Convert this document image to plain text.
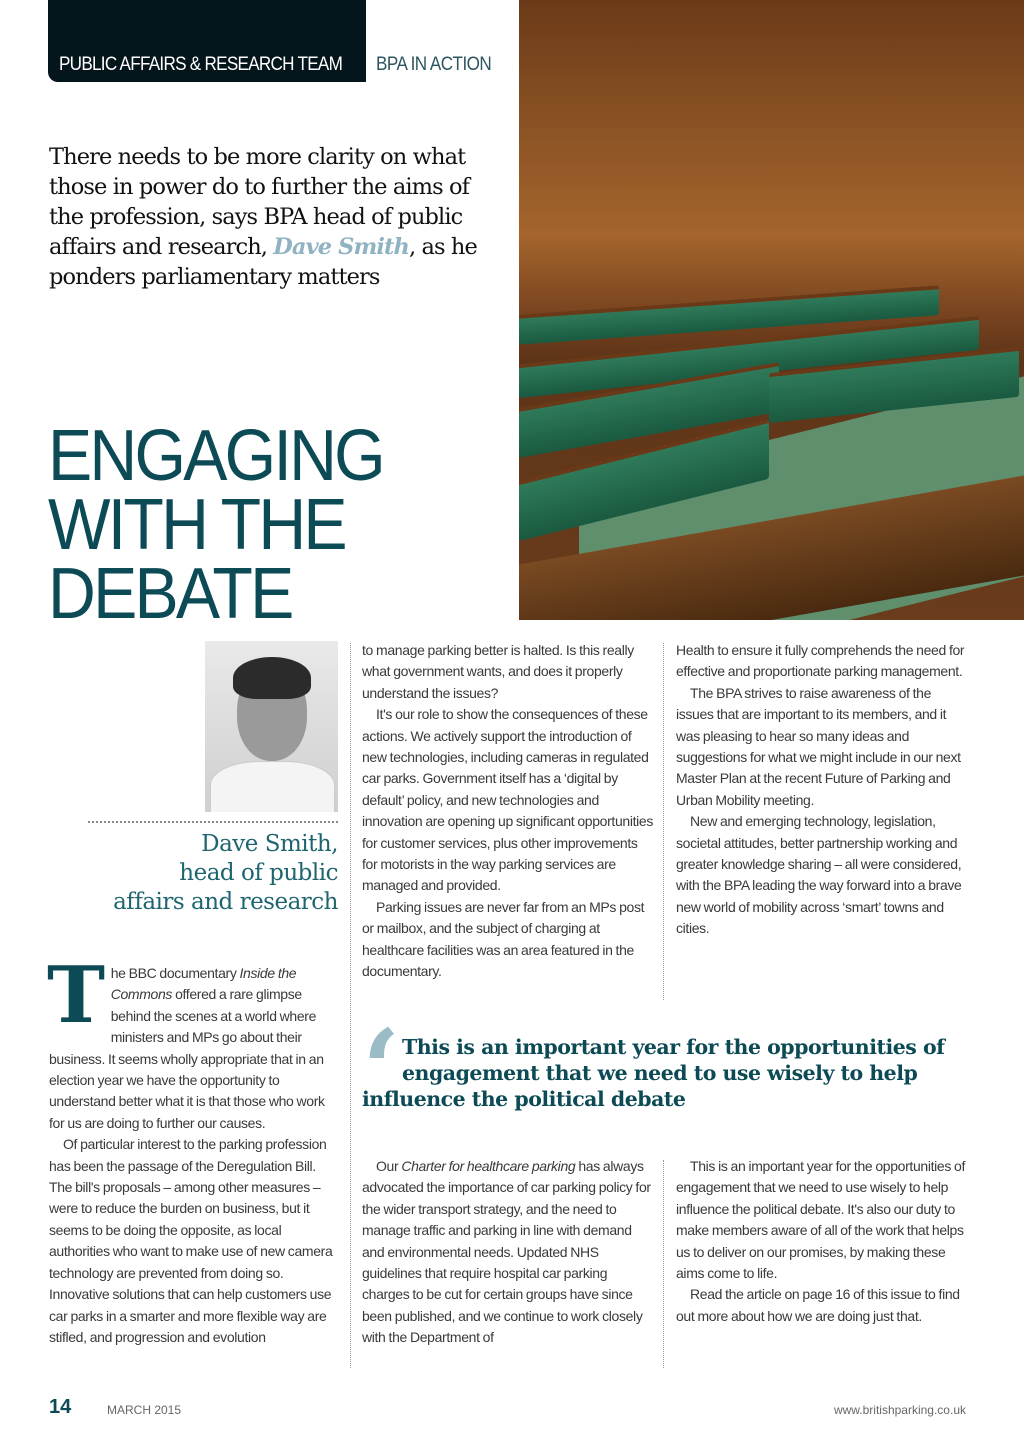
PUBLIC AFFAIRS & RESEARCH TEAM BPA IN ACTION
There needs to be more clarity on what those in power do to further the aims of the profession, says BPA head of public affairs and research, Dave Smith, as he ponders parliamentary matters
ENGAGING
WITH THE
DEBATE
Dave Smith,
head of public
affairs and research
T he BBC documentary Inside the Commons offered a rare glimpse behind the scenes at a world where ministers and MPs go about their business. It seems wholly appropriate that in an election year we have the opportunity to understand better what it is that those who work for us are doing to further our causes.

Of particular interest to the parking profession has been the passage of the Deregulation Bill. The bill's proposals – among other measures – were to reduce the burden on business, but it seems to be doing the opposite, as local authorities who want to make use of new camera technology are prevented from doing so. Innovative solutions that can help customers use car parks in a smarter and more flexible way are stifled, and progression and evolution

to manage parking better is halted. Is this really what government wants, and does it properly understand the issues?

It's our role to show the consequences of these actions. We actively support the introduction of new technologies, including cameras in regulated car parks. Government itself has a ‘digital by default’ policy, and new technologies and innovation are opening up significant opportunities for customer services, plus other improvements for motorists in the way parking services are managed and provided.

Parking issues are never far from an MPs post or mailbox, and the subject of charging at healthcare facilities was an area featured in the documentary.

Health to ensure it fully comprehends the need for effective and proportionate parking management.

The BPA strives to raise awareness of the issues that are important to its members, and it was pleasing to hear so many ideas and suggestions for what we might include in our next Master Plan at the recent Future of Parking and Urban Mobility meeting.

New and emerging technology, legislation, societal attitudes, better partnership working and greater knowledge sharing – all were considered, with the BPA leading the way forward into a brave new world of mobility across ‘smart’ towns and cities.

‘ This is an important year for the opportunities of engagement that we need to use wisely to help influence the political debate

Our Charter for healthcare parking has always advocated the importance of car parking policy for the wider transport strategy, and the need to manage traffic and parking in line with demand and environmental needs. Updated NHS guidelines that require hospital car parking charges to be cut for certain groups have since been published, and we continue to work closely with the Department of

This is an important year for the opportunities of engagement that we need to use wisely to help influence the political debate. It's also our duty to make members aware of all of the work that helps us to deliver on our promises, by making these aims come to life.

Read the article on page 16 of this issue to find out more about how we are doing just that.

14	MARCH 2015	www.britishparking.co.uk
